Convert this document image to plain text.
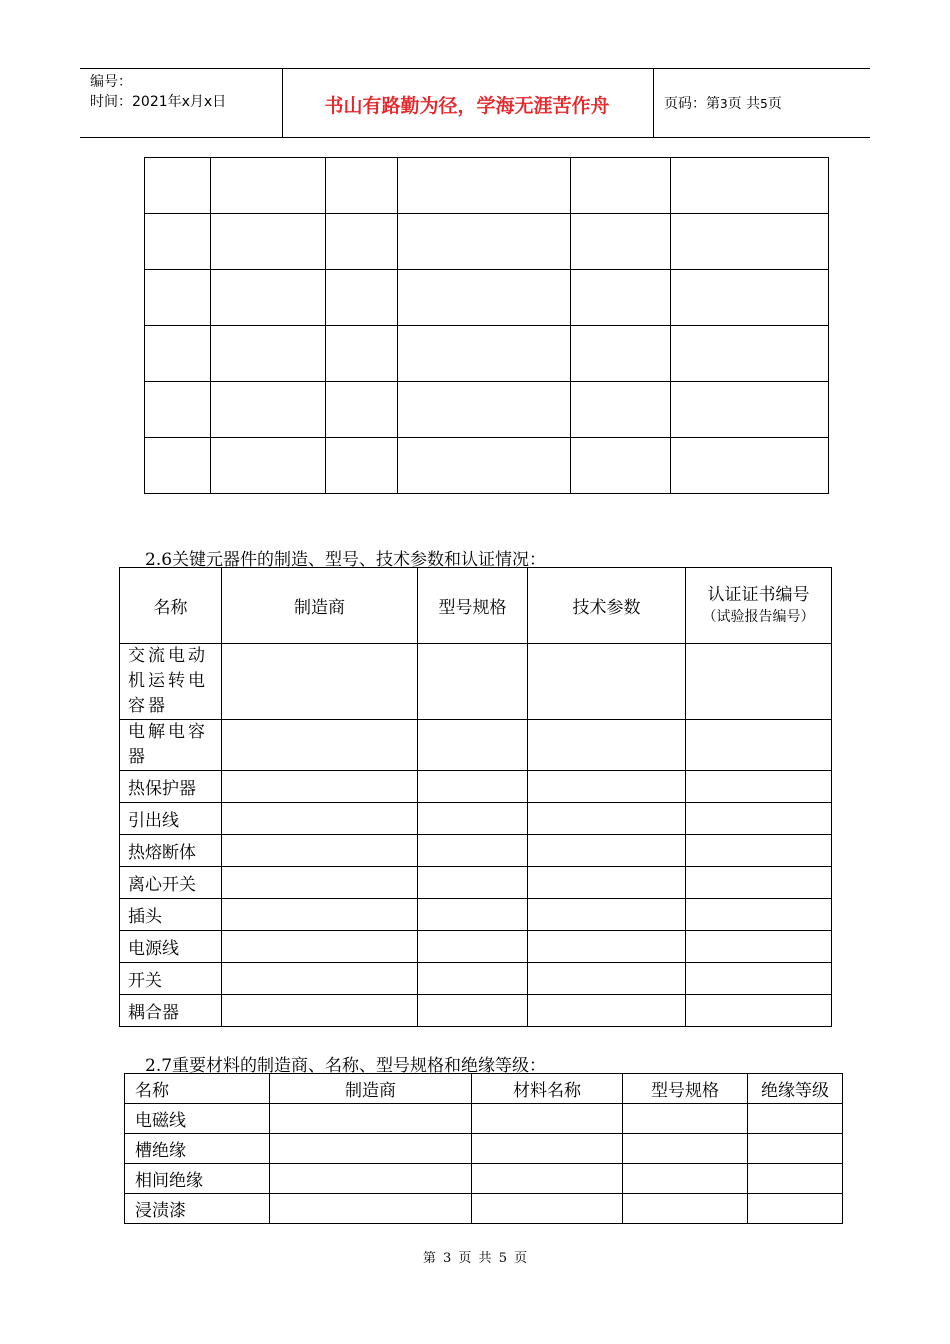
编号：
时间：2021年x月x日	书山有路勤为径，学海无涯苦作舟	页码：第3页 共5页

2.6关键元器件的制造、型号、技术参数和认证情况：
名称	制造商	型号规格	技术参数	认证证书编号
（试验报告编号）

交流电动机运转电容器				
电解电容器				
热保护器				
引出线				
热熔断体				
离心开关				
插头				
电源线				
开关				
耦合器				
2.7重要材料的制造商、名称、型号规格和绝缘等级：
名称	制造商	材料名称	型号规格	绝缘等级
电磁线				
槽绝缘				
相间绝缘				
浸渍漆				
第 3 页 共 5 页
